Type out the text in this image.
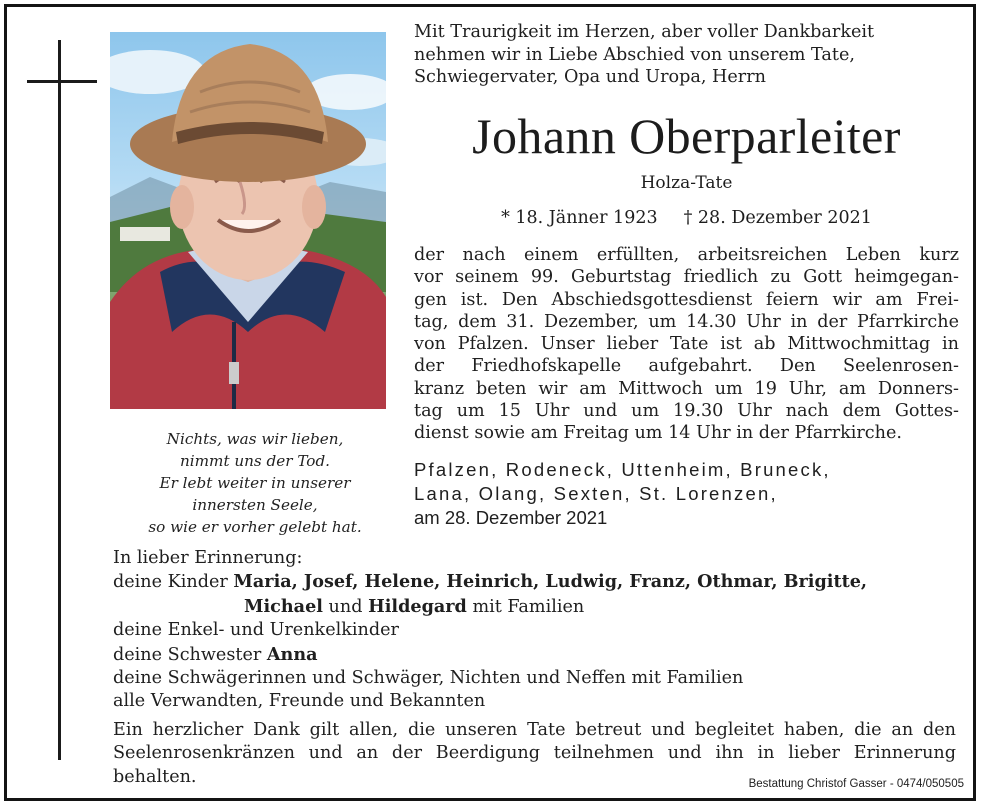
Nichts, was wir lieben,
nimmt uns der Tod.
Er lebt weiter in unserer
innersten Seele,
so wie er vorher gelebt hat.
Mit Traurigkeit im Herzen, aber voller Dankbarkeit
nehmen wir in Liebe Abschied von unserem Tate,
Schwiegervater, Opa und Uropa, Herrn
Johann Oberparleiter
Holza-Tate
* 18. Jänner 1923 † 28. Dezember 2021
der nach einem erfüllten, arbeitsreichen Leben kurz
vor seinem 99. Geburtstag friedlich zu Gott heimgegan-
gen ist. Den Abschiedsgottesdienst feiern wir am Frei-
tag, dem 31. Dezember, um 14.30 Uhr in der Pfarrkirche
von Pfalzen. Unser lieber Tate ist ab Mittwochmittag in
der Friedhofskapelle aufgebahrt. Den Seelenrosen-
kranz beten wir am Mittwoch um 19 Uhr, am Donners-
tag um 15 Uhr und um 19.30 Uhr nach dem Gottes-
dienst sowie am Freitag um 14 Uhr in der Pfarrkirche.
Pfalzen, Rodeneck, Uttenheim, Bruneck,
Lana, Olang, Sexten, St. Lorenzen,
am 28. Dezember 2021
In lieber Erinnerung:
deine Kinder Maria, Josef, Helene, Heinrich, Ludwig, Franz, Othmar, Brigitte,
Michael und Hildegard mit Familien
deine Enkel- und Urenkelkinder
deine Schwester Anna
deine Schwägerinnen und Schwäger, Nichten und Neffen mit Familien
alle Verwandten, Freunde und Bekannten
Ein herzlicher Dank gilt allen, die unseren Tate betreut und begleitet haben, die an den
Seelenrosenkränzen und an der Beerdigung teilnehmen und ihn in lieber Erinnerung
behalten.	Bestattung Christof Gasser - 0474/050505
